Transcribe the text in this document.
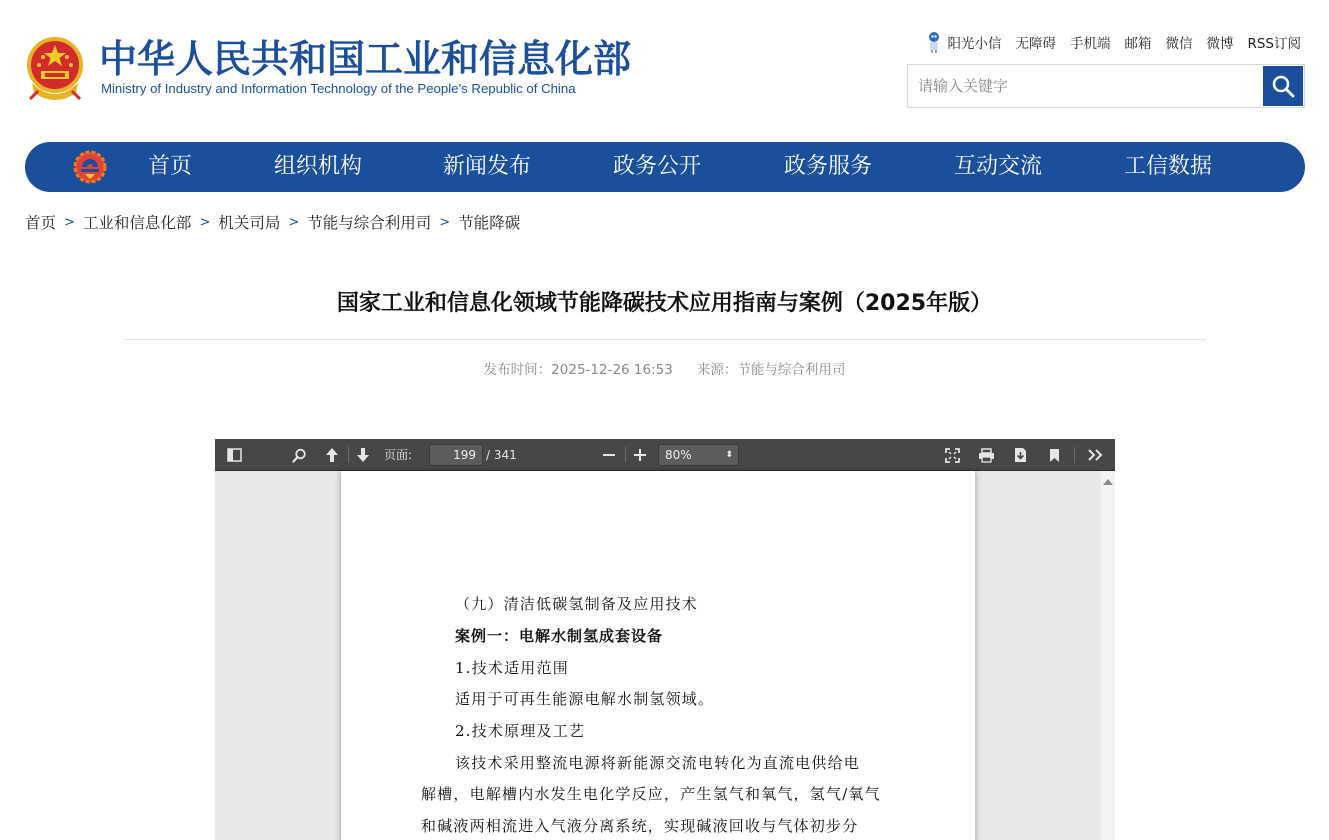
中华人民共和国工业和信息化部
Ministry of Industry and Information Technology of the People’s Republic of China
阳光小信 无障碍 手机端 邮箱 微信 微博 RSS订阅
请输入关键字
首页	组织机构	新闻发布	政务公开	政务服务	互动交流	工信数据
首页 > 工业和信息化部 > 机关司局 > 节能与综合利用司 > 节能降碳
国家工业和信息化领域节能降碳技术应用指南与案例（2025年版）
发布时间：2025-12-26 16:53 来源：节能与综合利用司
页面:
199	/ 341	80%	⬍
（九）清洁低碳氢制备及应用技术
案例一：电解水制氢成套设备
1.技术适用范围
适用于可再生能源电解水制氢领域。
2.技术原理及工艺
该技术采用整流电源将新能源交流电转化为直流电供给电
解槽，电解槽内水发生电化学反应，产生氢气和氧气，氢气/氧气
和碱液两相流进入气液分离系统，实现碱液回收与气体初步分
